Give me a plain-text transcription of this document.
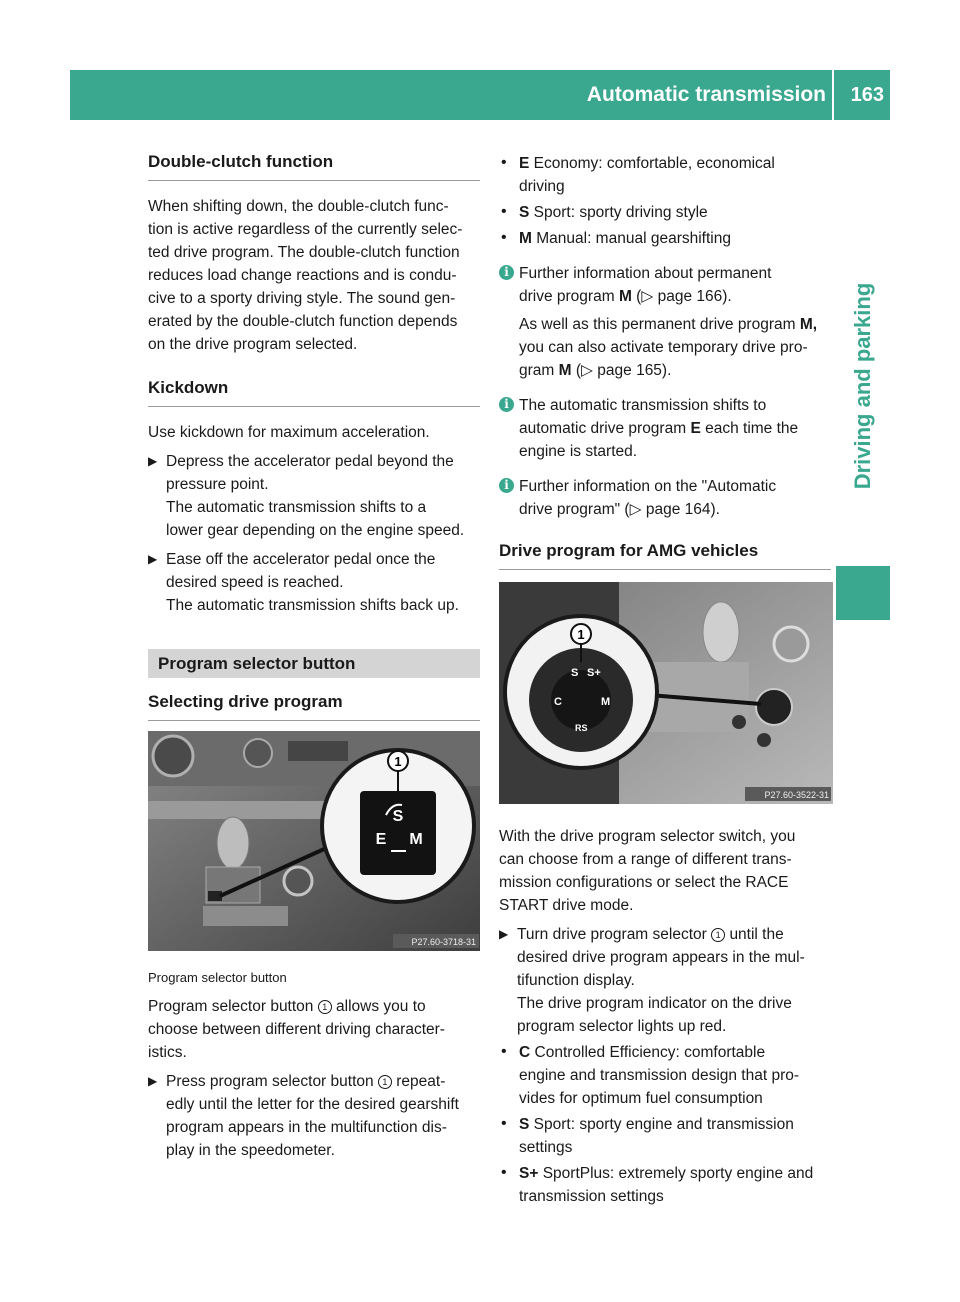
Automatic transmission 163
Driving and parking
Double-clutch function

When shifting down, the double-clutch func-
tion is active regardless of the currently selec-
ted drive program. The double-clutch function
reduces load change reactions and is condu-
cive to a sporty driving style. The sound gen-
erated by the double-clutch function depends
on the drive program selected.

Kickdown

Use kickdown for maximum acceleration.

▶ Depress the accelerator pedal beyond the
pressure point.
The automatic transmission shifts to a
lower gear depending on the engine speed.
▶ Ease off the accelerator pedal once the
desired speed is reached.
The automatic transmission shifts back up.
Program selector button
Selecting drive program
S
E M
1
P27.60-3718-31

Program selector button

Program selector button 1 allows you to
choose between different driving character-
istics.

▶ Press program selector button 1 repeat-
edly until the letter for the desired gearshift
program appears in the multifunction dis-
play in the speedometer.
• E Economy: comfortable, economical
driving
• S Sport: sporty driving style
• M Manual: manual gearshifting
i Further information about permanent
drive program M (▷ page 166).

As well as this permanent drive program M,
you can also activate temporary drive pro-
gram M (▷ page 165).

i The automatic transmission shifts to
automatic drive program E each time the
engine is started.
i Further information on the "Automatic
drive program" (▷ page 164).
Drive program for AMG vehicles
S S+
C	M
RS
1
P27.60-3522-31

With the drive program selector switch, you
can choose from a range of different trans-
mission configurations or select the RACE
START drive mode.

▶ Turn drive program selector 1 until the
desired drive program appears in the mul-
tifunction display.
The drive program indicator on the drive
program selector lights up red.
• C Controlled Efficiency: comfortable
engine and transmission design that pro-
vides for optimum fuel consumption
• S Sport: sporty engine and transmission
settings
• S+ SportPlus: extremely sporty engine and
transmission settings
